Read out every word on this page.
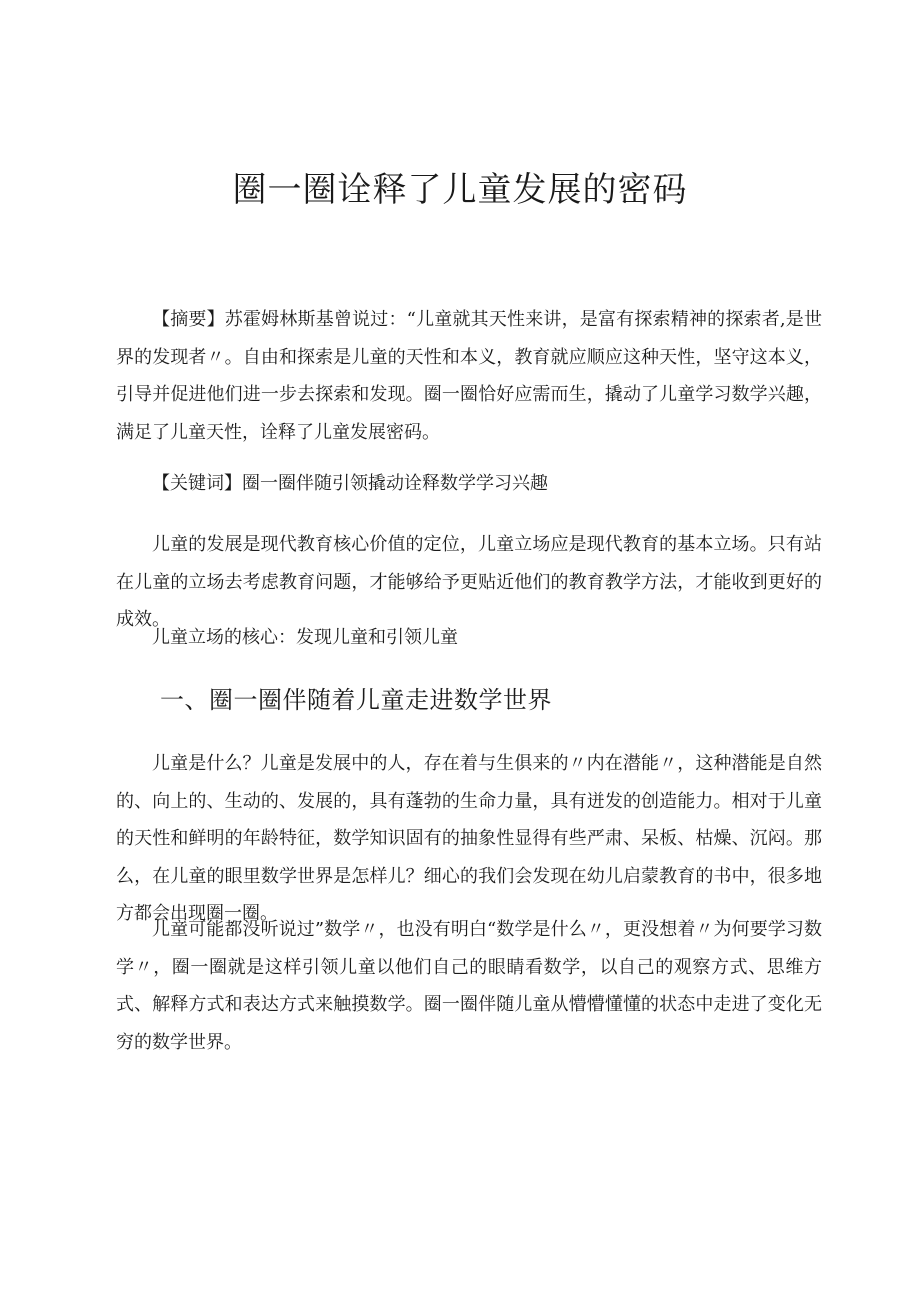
圈一圈诠释了儿童发展的密码

【摘要】苏霍姆林斯基曾说过：“儿童就其天性来讲，是富有探索精神的探索者,是世界的发现者〃。自由和探索是儿童的天性和本义，教育就应顺应这种天性，坚守这本义，引导并促进他们进一步去探索和发现。圈一圈恰好应需而生，撬动了儿童学习数学兴趣，满足了儿童天性，诠释了儿童发展密码。

【关键词】圈一圈伴随引领撬动诠释数学学习兴趣

儿童的发展是现代教育核心价值的定位，儿童立场应是现代教育的基本立场。只有站在儿童的立场去考虑教育问题，才能够给予更贴近他们的教育教学方法，才能收到更好的成效。

儿童立场的核心：发现儿童和引领儿童

一、圈一圈伴随着儿童走进数学世界

儿童是什么？儿童是发展中的人，存在着与生俱来的〃内在潜能〃，这种潜能是自然的、向上的、生动的、发展的，具有蓬勃的生命力量，具有迸发的创造能力。相对于儿童的天性和鲜明的年龄特征，数学知识固有的抽象性显得有些严肃、呆板、枯燥、沉闷。那么，在儿童的眼里数学世界是怎样儿？细心的我们会发现在幼儿启蒙教育的书中，很多地方都会出现圈一圈。

儿童可能都没听说过”数学〃，也没有明白“数学是什么〃，更没想着〃为何要学习数学〃，圈一圈就是这样引领儿童以他们自己的眼睛看数学，以自己的观察方式、思维方式、解释方式和表达方式来触摸数学。圈一圈伴随儿童从懵懵懂懂的状态中走进了变化无穷的数学世界。
